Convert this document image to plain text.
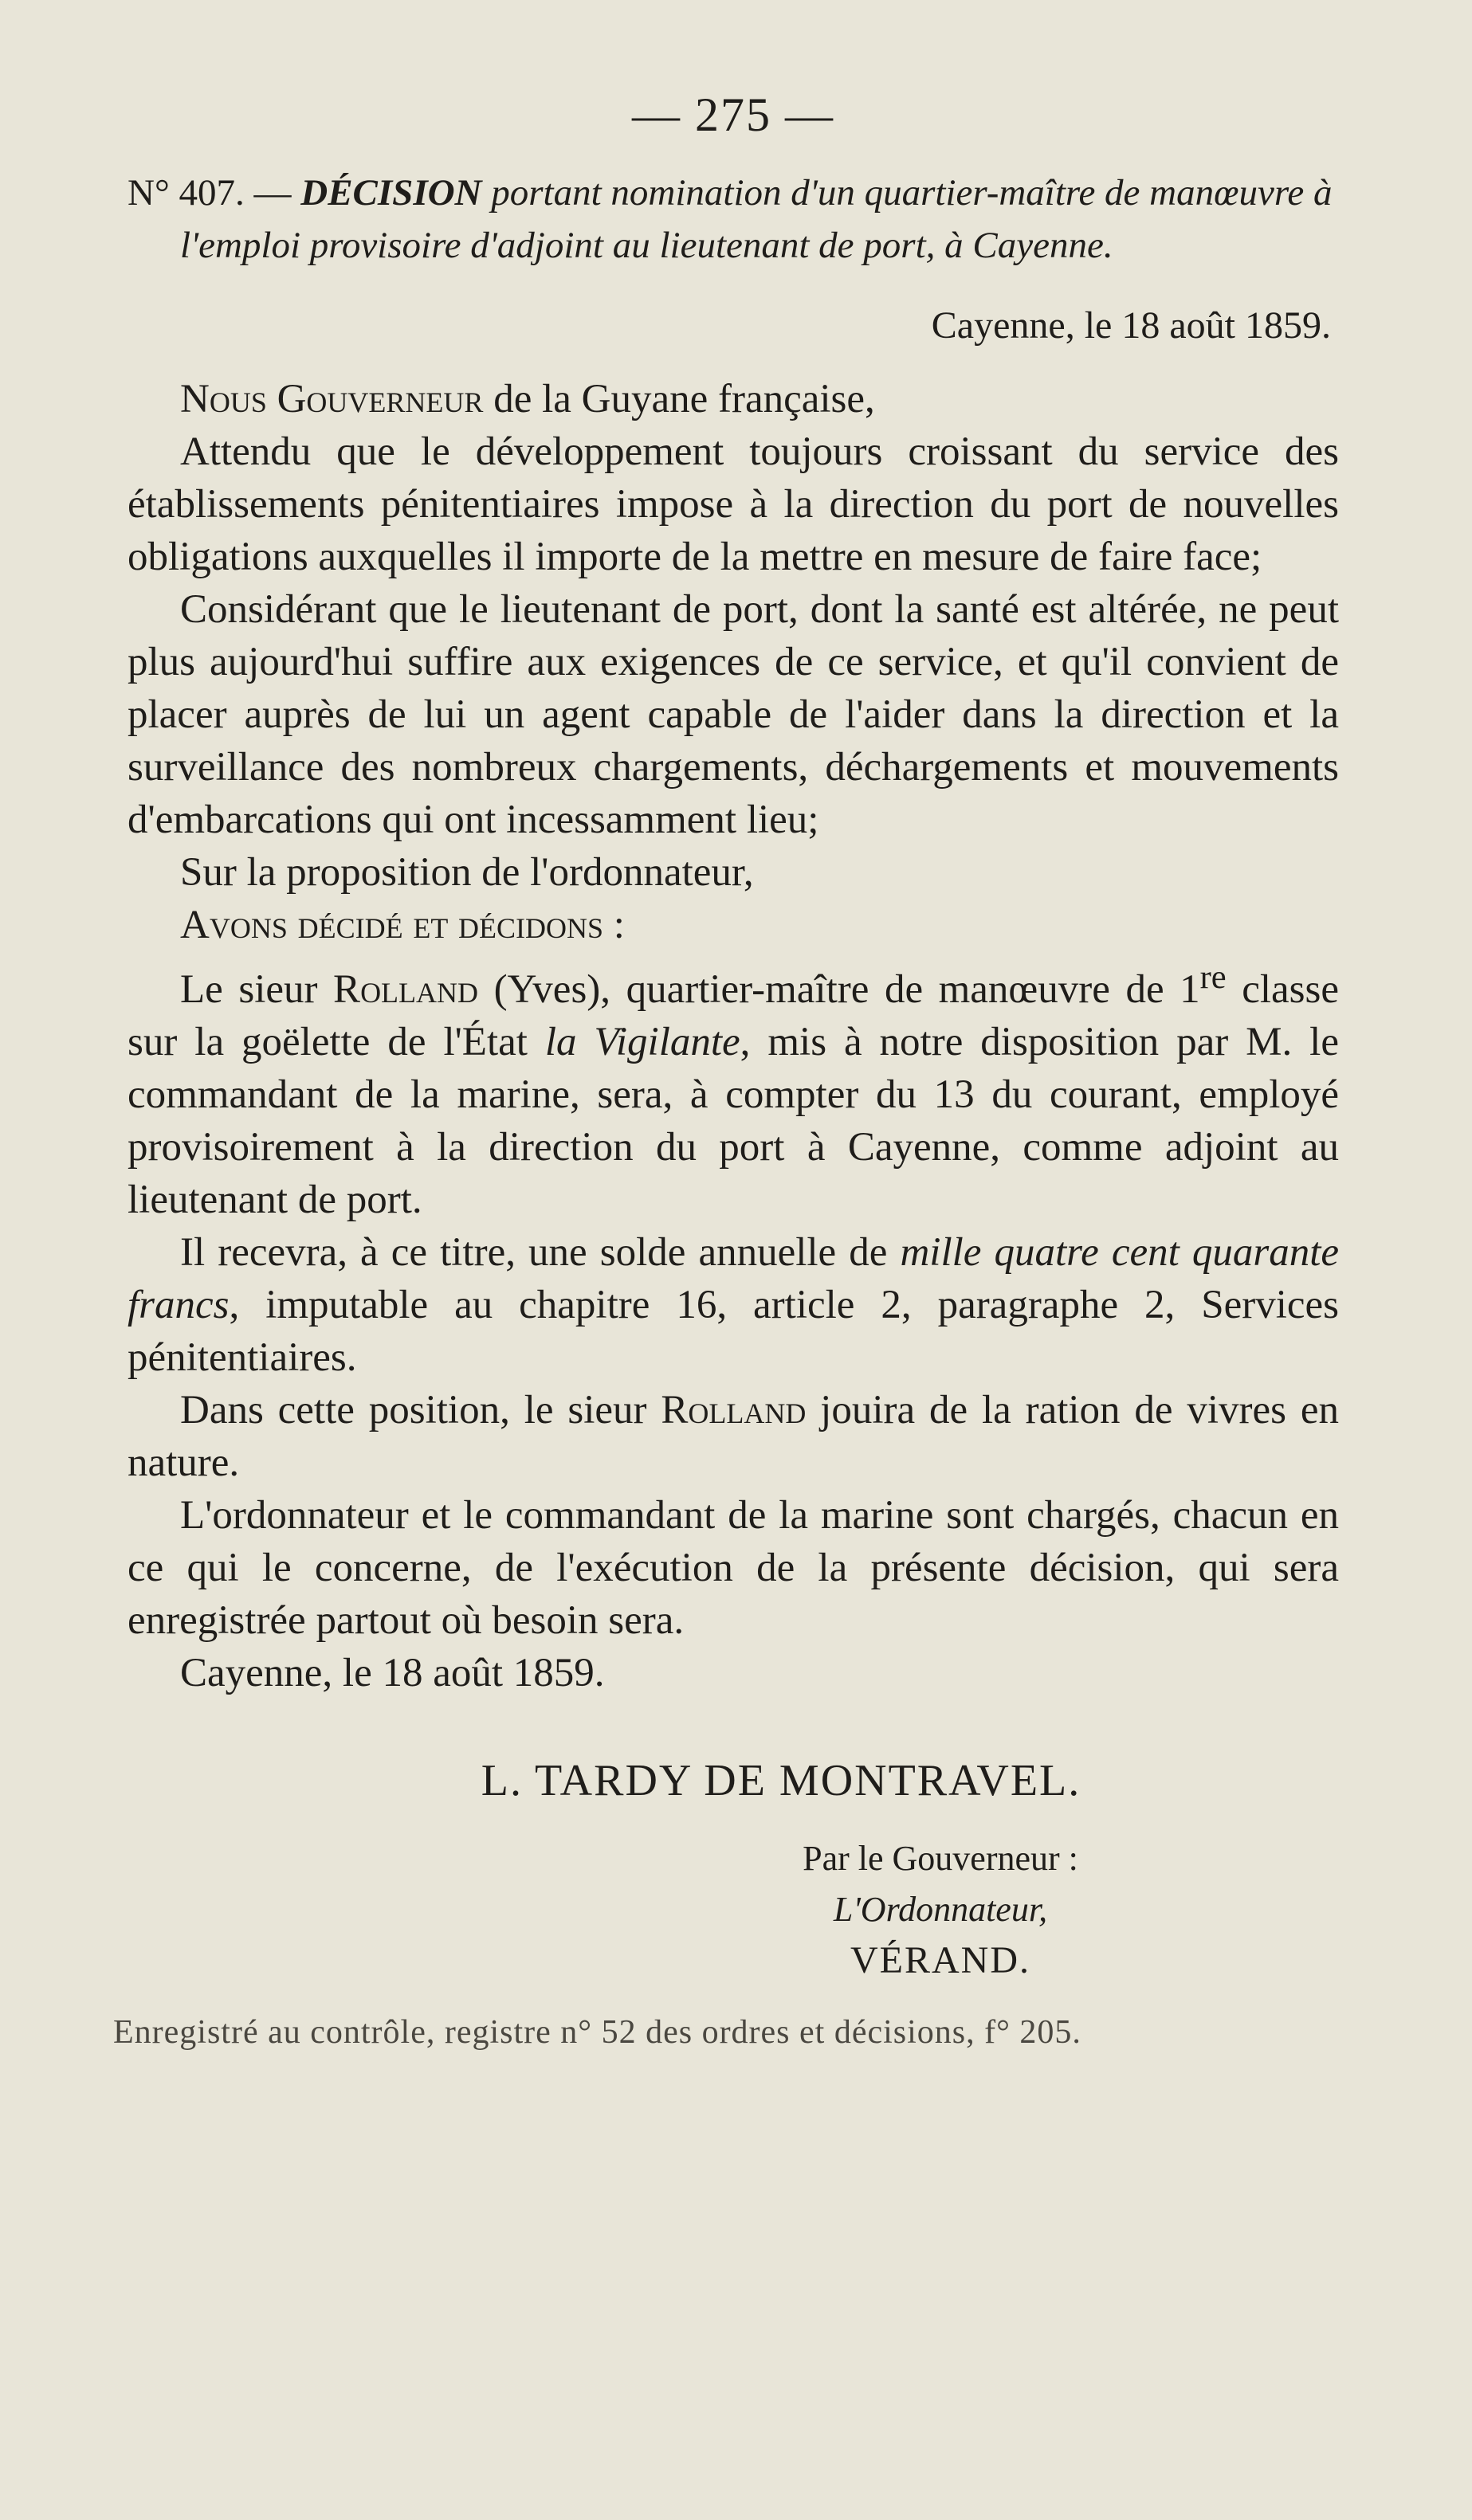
— 275 —

N° 407. — DÉCISION portant nomination d'un quartier-maître de manœuvre à l'emploi provisoire d'adjoint au lieutenant de port, à Cayenne.

Cayenne, le 18 août 1859.

Nous Gouverneur de la Guyane française,

Attendu que le développement toujours croissant du service des établissements pénitentiaires impose à la direction du port de nouvelles obligations auxquelles il importe de la mettre en mesure de faire face;

Considérant que le lieutenant de port, dont la santé est altérée, ne peut plus aujourd'hui suffire aux exigences de ce service, et qu'il convient de placer auprès de lui un agent capable de l'aider dans la direction et la surveillance des nombreux chargements, déchargements et mouvements d'embarcations qui ont incessamment lieu;

Sur la proposition de l'ordonnateur,

Avons décidé et décidons :

Le sieur Rolland (Yves), quartier-maître de manœuvre de 1re classe sur la goëlette de l'État la Vigilante, mis à notre disposition par M. le commandant de la marine, sera, à compter du 13 du courant, employé provisoirement à la direction du port à Cayenne, comme adjoint au lieutenant de port.

Il recevra, à ce titre, une solde annuelle de mille quatre cent quarante francs, imputable au chapitre 16, article 2, paragraphe 2, Services pénitentiaires.

Dans cette position, le sieur Rolland jouira de la ration de vivres en nature.

L'ordonnateur et le commandant de la marine sont chargés, chacun en ce qui le concerne, de l'exécution de la présente décision, qui sera enregistrée partout où besoin sera.

Cayenne, le 18 août 1859.

L. TARDY DE MONTRAVEL.

Par le Gouverneur :

L'Ordonnateur,

VÉRAND.

Enregistré au contrôle, registre n° 52 des ordres et décisions, f° 205.
